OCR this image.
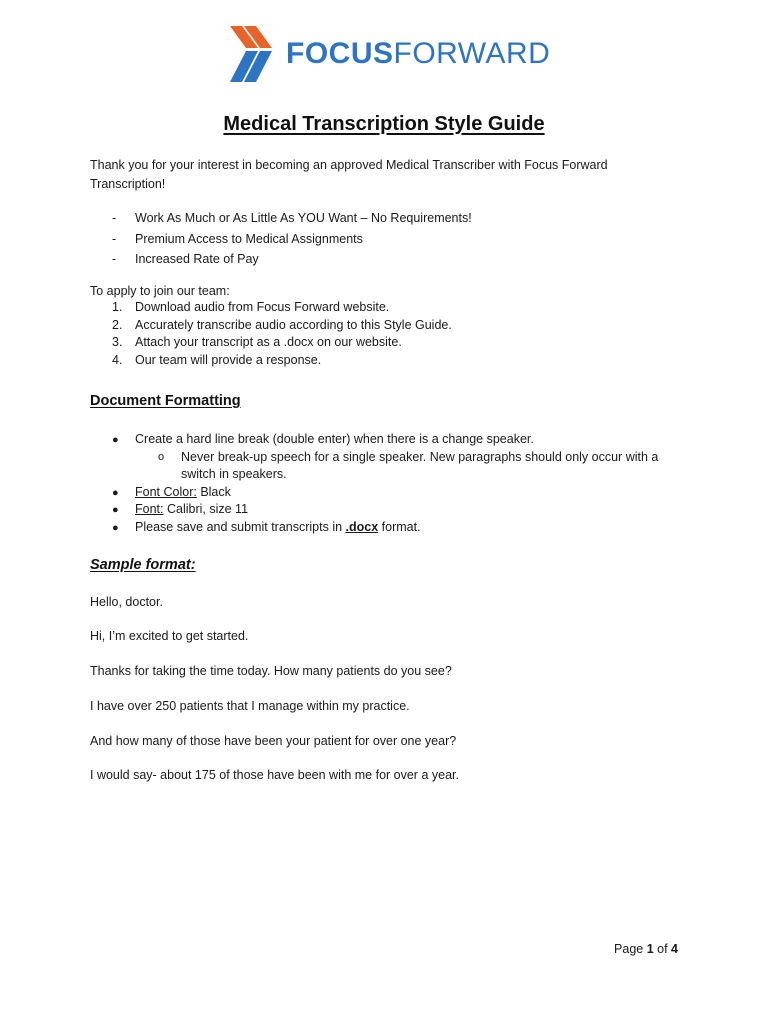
FOCUSFORWARD
Medical Transcription Style Guide
Thank you for your interest in becoming an approved Medical Transcriber with Focus Forward Transcription!
- Work As Much or As Little As YOU Want – No Requirements!
- Premium Access to Medical Assignments
- Increased Rate of Pay
To apply to join our team:
1. Download audio from Focus Forward website.
2. Accurately transcribe audio according to this Style Guide.
3. Attach your transcript as a .docx on our website.
4. Our team will provide a response.
Document Formatting
● Create a hard line break (double enter) when there is a change speaker.
o	Never break-up speech for a single speaker. New paragraphs should only occur with a switch in speakers.
● Font Color: Black
● Font: Calibri, size 11
● Please save and submit transcripts in .docx format.
Sample format:
Hello, doctor.
Hi, I’m excited to get started.
Thanks for taking the time today. How many patients do you see?
I have over 250 patients that I manage within my practice.
And how many of those have been your patient for over one year?
I would say- about 175 of those have been with me for over a year.
Page 1 of 4
